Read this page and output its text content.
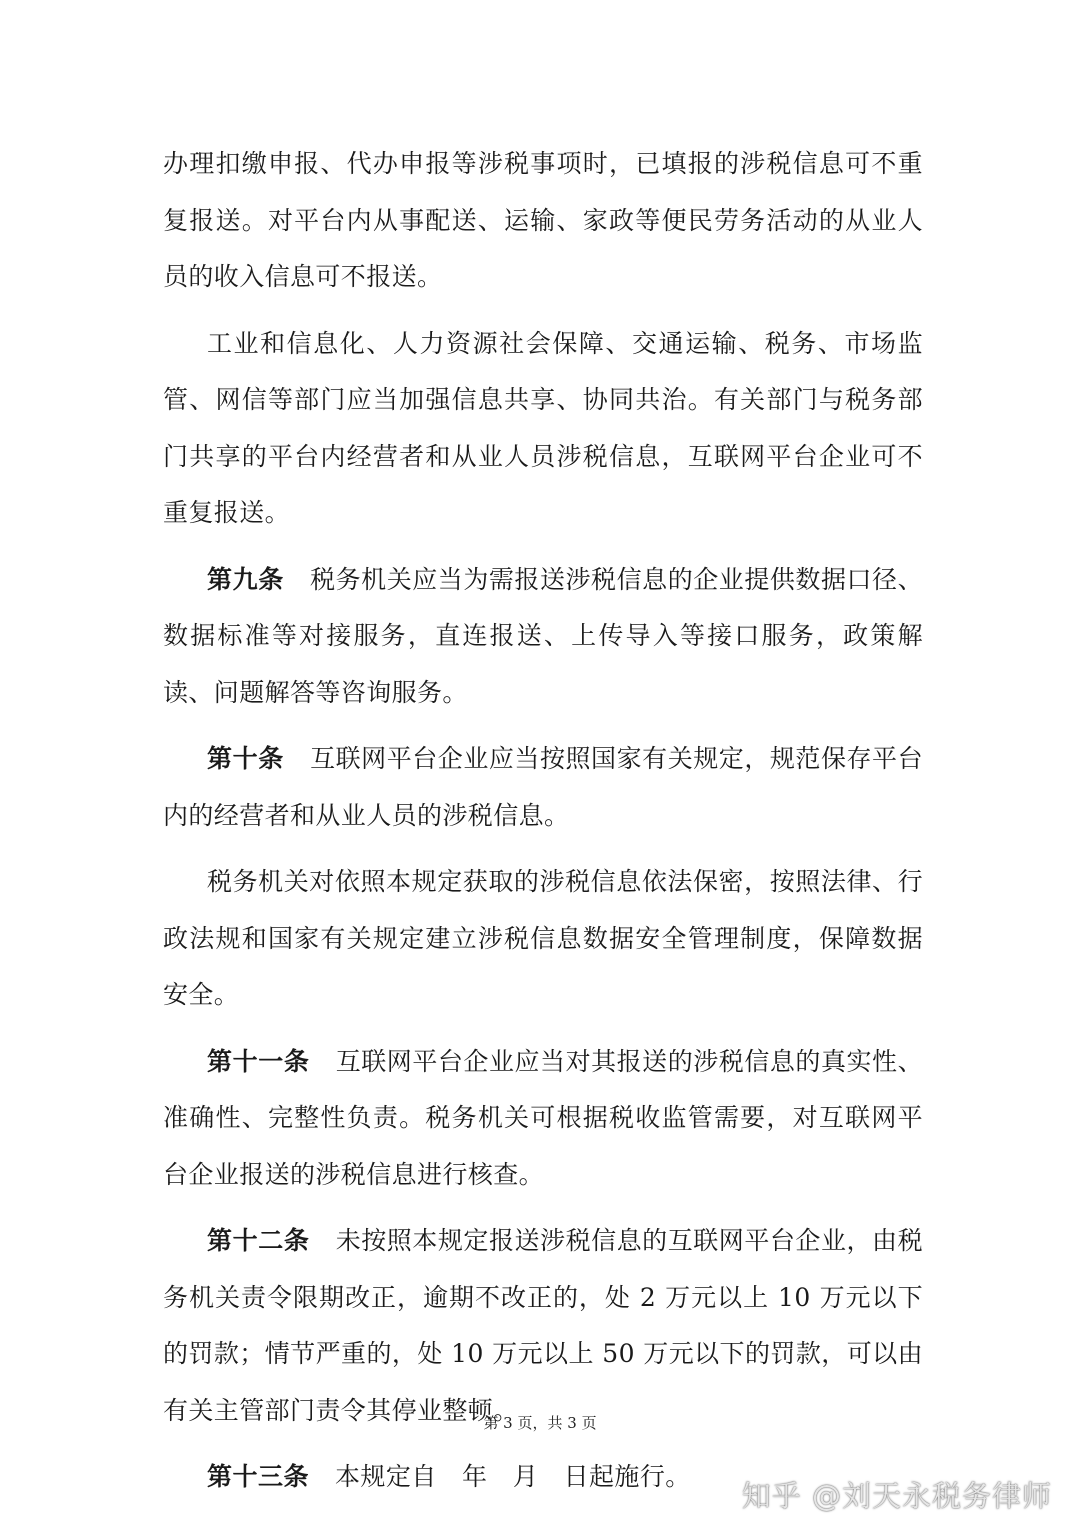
办理扣缴申报、代办申报等涉税事项时，已填报的涉税信息可不重复报送。对平台内从事配送、运输、家政等便民劳务活动的从业人员的收入信息可不报送。

工业和信息化、人力资源社会保障、交通运输、税务、市场监管、网信等部门应当加强信息共享、协同共治。有关部门与税务部门共享的平台内经营者和从业人员涉税信息，互联网平台企业可不重复报送。

第九条 税务机关应当为需报送涉税信息的企业提供数据口径、数据标准等对接服务，直连报送、上传导入等接口服务，政策解读、问题解答等咨询服务。

第十条 互联网平台企业应当按照国家有关规定，规范保存平台内的经营者和从业人员的涉税信息。

税务机关对依照本规定获取的涉税信息依法保密，按照法律、行政法规和国家有关规定建立涉税信息数据安全管理制度，保障数据安全。

第十一条 互联网平台企业应当对其报送的涉税信息的真实性、准确性、完整性负责。税务机关可根据税收监管需要，对互联网平台企业报送的涉税信息进行核查。

第十二条 未按照本规定报送涉税信息的互联网平台企业，由税务机关责令限期改正，逾期不改正的，处 2 万元以上 10 万元以下的罚款；情节严重的，处 10 万元以上 50 万元以下的罚款，可以由有关主管部门责令其停业整顿。

第十三条 本规定自　年　月　日起施行。

第 3 页，共 3 页
知乎 @刘天永税务律师
